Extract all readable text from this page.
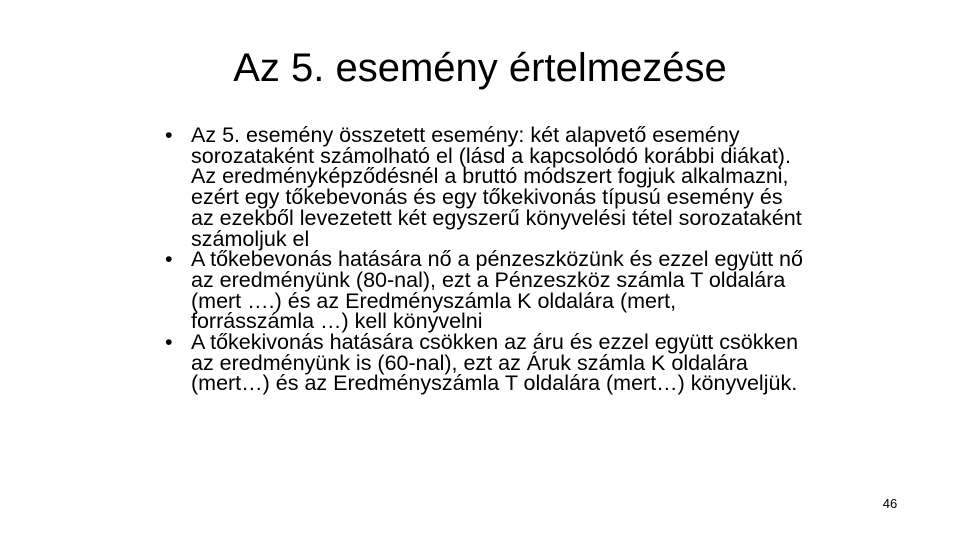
Az 5. esemény értelmezése
• Az 5. esemény összetett esemény: két alapvető esemény sorozataként számolható el (lásd a kapcsolódó korábbi diákat). Az eredményképződésnél a bruttó módszert fogjuk alkalmazni, ezért egy tőkebevonás és egy tőkekivonás típusú esemény és az ezekből levezetett két egyszerű könyvelési tétel sorozataként számoljuk el
• A tőkebevonás hatására nő a pénzeszközünk és ezzel együtt nő az eredményünk (80-nal), ezt a Pénzeszköz számla T oldalára (mert ….) és az Eredményszámla K oldalára (mert, forrásszámla …) kell könyvelni
• A tőkekivonás hatására csökken az áru és ezzel együtt csökken az eredményünk is (60-nal), ezt az Áruk számla K oldalára (mert…) és az Eredményszámla T oldalára (mert…) könyveljük.
46
